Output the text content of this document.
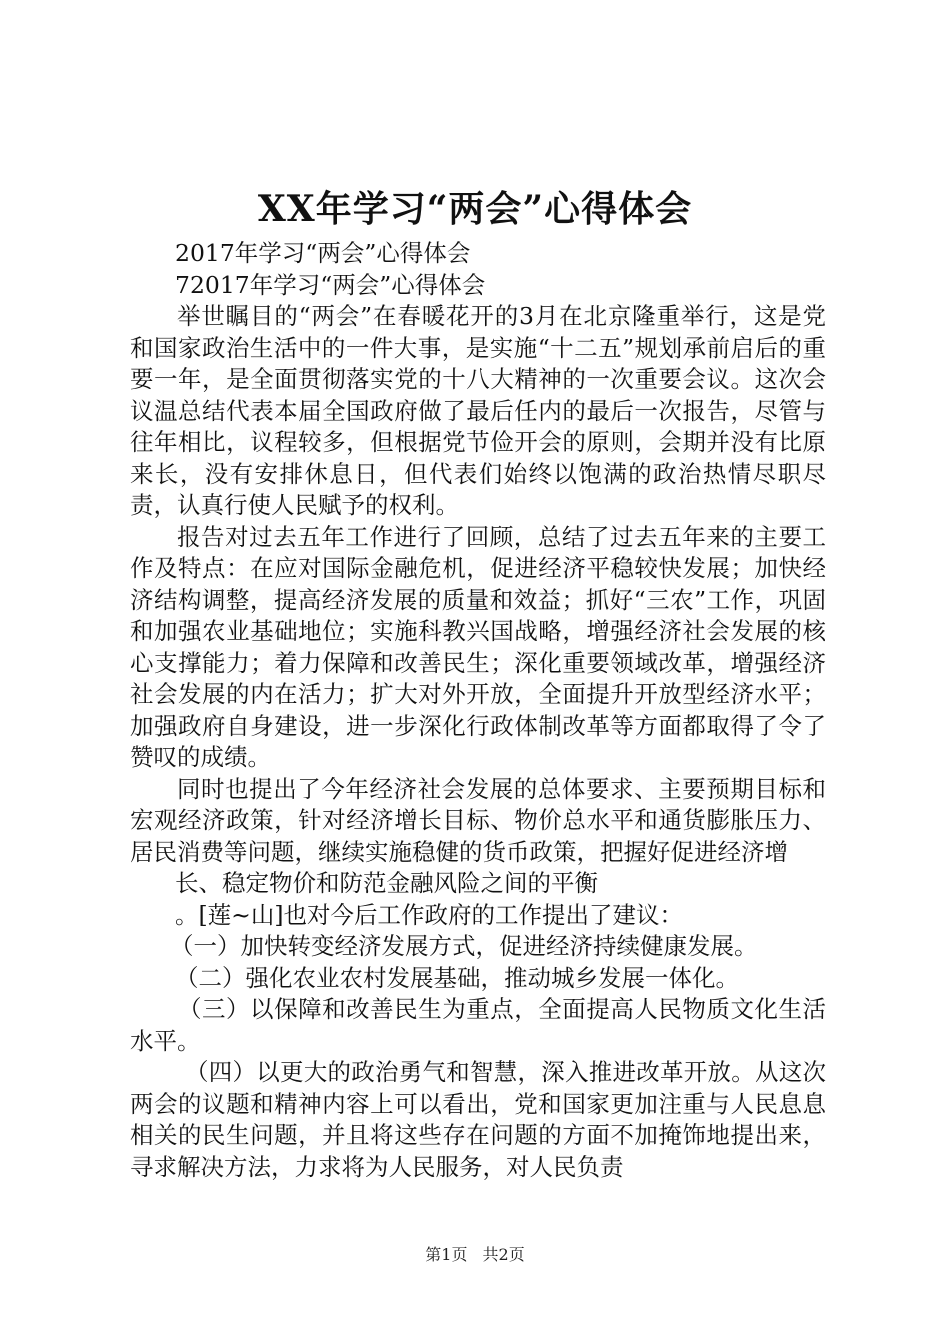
XX年学习“两会”心得体会

2017年学习“两会”心得体会

72017年学习“两会”心得体会

举世瞩目的“两会”在春暖花开的3月在北京隆重举行，这是党和国家政治生活中的一件大事，是实施“十二五”规划承前启后的重要一年，是全面贯彻落实党的十八大精神的一次重要会议。这次会议温总结代表本届全国政府做了最后任内的最后一次报告，尽管与往年相比，议程较多，但根据党节俭开会的原则，会期并没有比原来长，没有安排休息日，但代表们始终以饱满的政治热情尽职尽责，认真行使人民赋予的权利。

报告对过去五年工作进行了回顾，总结了过去五年来的主要工作及特点：在应对国际金融危机，促进经济平稳较快发展；加快经济结构调整，提高经济发展的质量和效益；抓好“三农”工作，巩固和加强农业基础地位；实施科教兴国战略，增强经济社会发展的核心支撑能力；着力保障和改善民生；深化重要领域改革，增强经济社会发展的内在活力；扩大对外开放，全面提升开放型经济水平；加强政府自身建设，进一步深化行政体制改革等方面都取得了令了赞叹的成绩。

同时也提出了今年经济社会发展的总体要求、主要预期目标和宏观经济政策，针对经济增长目标、物价总水平和通货膨胀压力、居民消费等问题，继续实施稳健的货币政策，把握好促进经济增

长、稳定物价和防范金融风险之间的平衡

。[莲~山]也对今后工作政府的工作提出了建议：

（一）加快转变经济发展方式，促进经济持续健康发展。

（二）强化农业农村发展基础，推动城乡发展一体化。

（三）以保障和改善民生为重点，全面提高人民物质文化生活水平。

（四）以更大的政治勇气和智慧，深入推进改革开放。从这次两会的议题和精神内容上可以看出，党和国家更加注重与人民息息相关的民生问题，并且将这些存在问题的方面不加掩饰地提出来，寻求解决方法，力求将为人民服务，对人民负责

第1页 共2页
